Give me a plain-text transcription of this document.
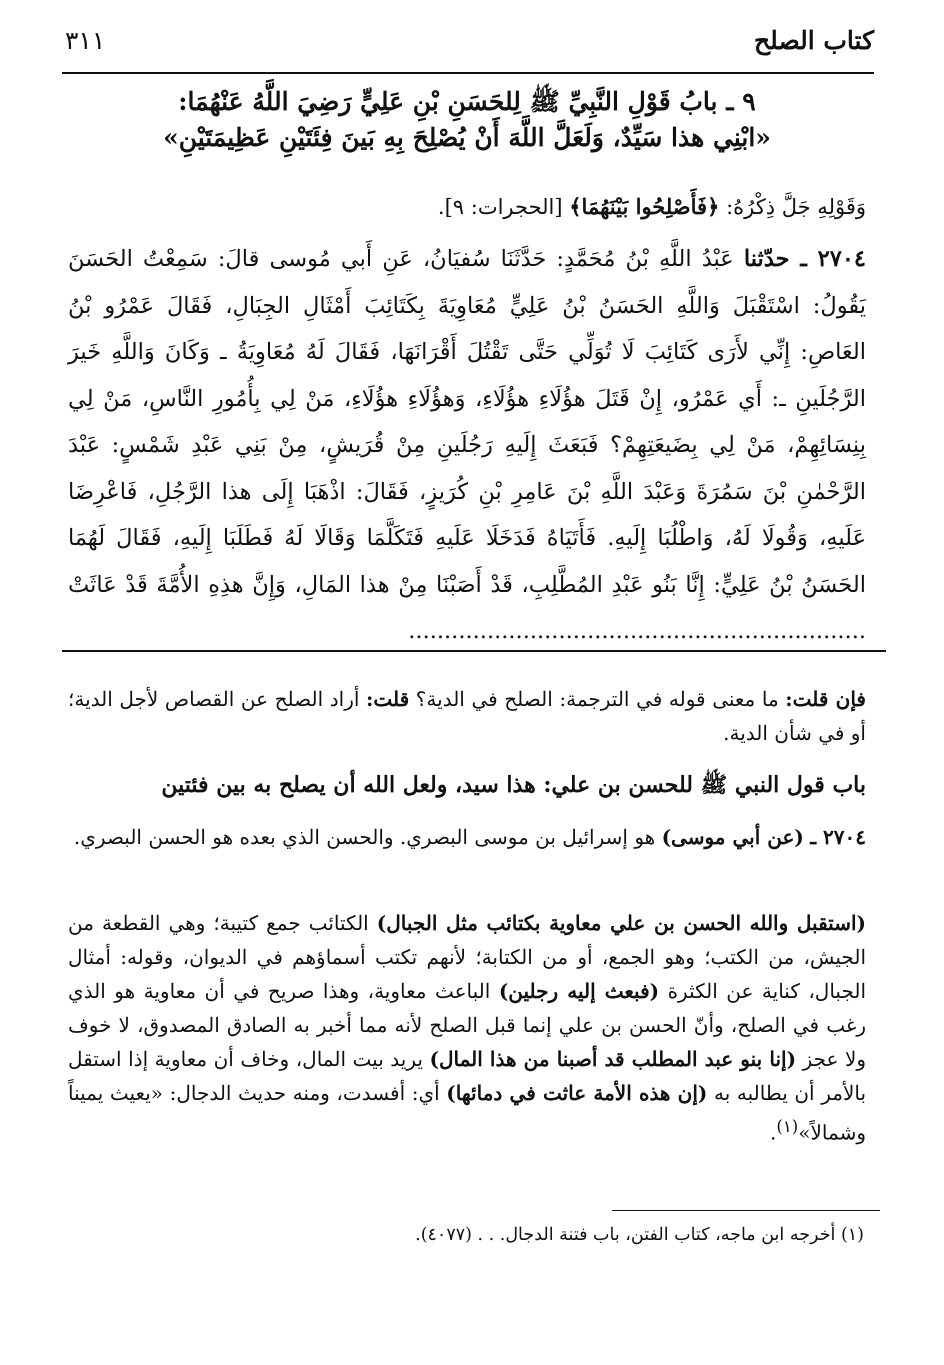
كتاب الصلح
٣١١

٩ ـ بابُ قَوْلِ النَّبِيِّ ﷺ لِلحَسَنِ بْنِ عَلِيٍّ رَضِيَ اللَّهُ عَنْهُمَا:

«ابْنِي هذا سَيِّدٌ، وَلَعَلَّ اللَّهَ أَنْ يُصْلِحَ بِهِ بَينَ فِئَتَيْنِ عَظِيمَتَيْنِ»

وَقَوْلِهِ جَلَّ ذِكْرُهُ: ﴿فَأَصْلِحُوا بَيْنَهُمَا﴾ [الحجرات: ٩].
٢٧٠٤ ـ حدّثنا عَبْدُ اللَّهِ بْنُ مُحَمَّدٍ: حَدَّثَنَا سُفيَانُ، عَنِ أَبي مُوسى قالَ: سَمِعْتُ الحَسَنَ يَقُولُ: اسْتَقْبَلَ وَاللَّهِ الحَسَنُ بْنُ عَلِيٍّ مُعَاوِيَةَ بِكَتَائِبَ أَمْثَالِ الجِبَالِ، فَقَالَ عَمْرُو بْنُ العَاصِ: إِنِّي لأَرَى كَتَائِبَ لَا تُوَلِّي حَتَّى تَقْتُلَ أَقْرَانَهَا، فَقَالَ لَهُ مُعَاوِيَةُ ـ وَكَانَ وَاللَّهِ خَيرَ الرَّجُلَينِ ـ: أَي عَمْرُو، إِنْ قَتَلَ هؤُلَاءِ هؤُلَاءِ، وَهؤُلَاءِ هؤُلَاءِ، مَنْ لِي بِأُمُورِ النَّاسِ، مَنْ لِي بِنِسَائِهِمْ، مَنْ لِي بِضَيعَتِهِمْ؟ فَبَعَثَ إِلَيهِ رَجُلَينِ مِنْ قُرَيشٍ، مِنْ بَنِي عَبْدِ شَمْسٍ: عَبْدَ الرَّحْمٰنِ بْنَ سَمُرَةَ وَعَبْدَ اللَّهِ بْنَ عَامِرِ بْنِ كُرَيزٍ، فَقَالَ: اذْهَبَا إِلَى هذا الرَّجُلِ، فَاعْرِضَا عَلَيهِ، وَقُولَا لَهُ، وَاطْلُبَا إِلَيهِ. فَأَتَيَاهُ فَدَخَلَا عَلَيهِ فَتَكَلَّمَا وَقَالَا لَهُ فَطَلَبَا إِلَيهِ، فَقَالَ لَهُمَا الحَسَنُ بْنُ عَلِيٍّ: إِنَّا بَنُو عَبْدِ المُطَّلِبِ، قَدْ أَصَبْنَا مِنْ هذا المَالِ، وَإِنَّ هذِهِ الأُمَّةَ قَدْ عَاثَتْ ................................................................

فإن قلت: ما معنى قوله في الترجمة: الصلح في الدية؟ قلت: أراد الصلح عن القصاص لأجل الدية؛ أو في شأن الدية.

باب قول النبي ﷺ للحسن بن علي: هذا سيد، ولعل الله أن يصلح به بين فئتين

٢٧٠٤ ـ (عن أبي موسى) هو إسرائيل بن موسى البصري. والحسن الذي بعده هو الحسن البصري.

(استقبل والله الحسن بن علي معاوية بكتائب مثل الجبال) الكتائب جمع كتيبة؛ وهي القطعة من الجيش، من الكتب؛ وهو الجمع، أو من الكتابة؛ لأنهم تكتب أسماؤهم في الديوان، وقوله: أمثال الجبال، كناية عن الكثرة (فبعث إليه رجلين) الباعث معاوية، وهذا صريح في أن معاوية هو الذي رغب في الصلح، وأنّ الحسن بن علي إنما قبل الصلح لأنه مما أخبر به الصادق المصدوق، لا خوف ولا عجز (إنا بنو عبد المطلب قد أصبنا من هذا المال) يريد بيت المال، وخاف أن معاوية إذا استقل بالأمر أن يطالبه به (إن هذه الأمة عاثت في دمائها) أي: أفسدت، ومنه حديث الدجال: «يعيث يميناً وشمالاً»$^{(١)}$.

(١) أخرجه ابن ماجه، كتاب الفتن، باب فتنة الدجال. . . (٤٠٧٧).
